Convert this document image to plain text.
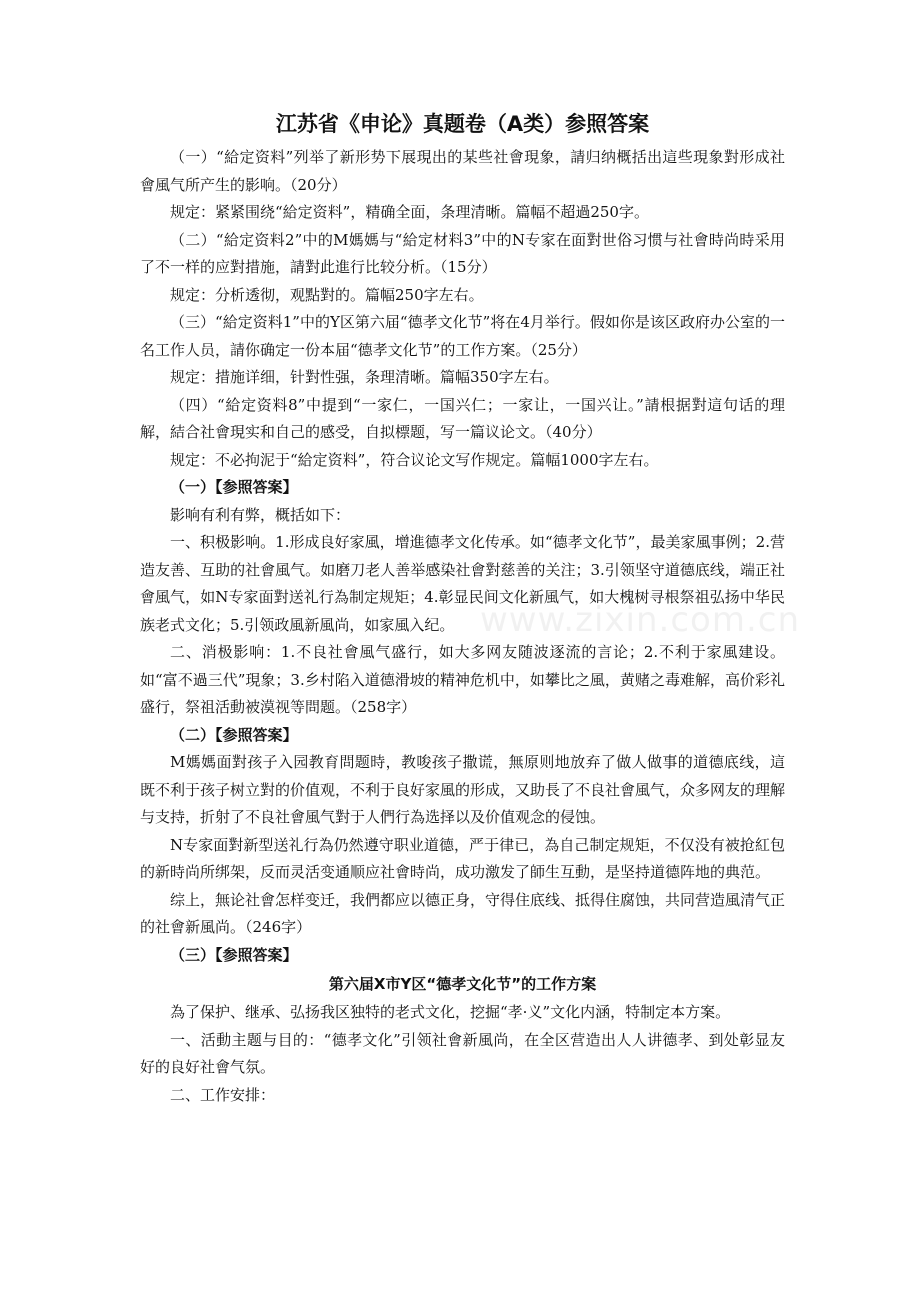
www.zixin.com.cn
江苏省《申论》真题卷（A类）参照答案

（一）“給定资料”列举了新形势下展現出的某些社會現象，請归纳概括出這些現象對形成社會風气所产生的影响。（20分）

规定：紧紧围绕“給定资料”，精确全面，条理清晰。篇幅不超過250字。

（二）“給定资料2”中的M媽媽与“給定材料3”中的N专家在面對世俗习惯与社會時尚時采用了不一样的应對措施，請對此進行比较分析。（15分）

规定：分析透彻，观點對的。篇幅250字左右。

（三）“給定资料1”中的Y区第六届“德孝文化节”将在4月举行。假如你是该区政府办公室的一名工作人员，請你确定一份本届“德孝文化节”的工作方案。（25分）

规定：措施详细，针對性强，条理清晰。篇幅350字左右。

（四）“給定资料8”中提到“一家仁，一国兴仁；一家让，一国兴让。”請根据對這句话的理解，結合社會現实和自己的感受，自拟標题，写一篇议论文。（40分）

规定：不必拘泥于“給定资料”，符合议论文写作规定。篇幅1000字左右。

（一）【参照答案】

影响有利有弊，概括如下：

一、积极影响。1.形成良好家風，增進德孝文化传承。如“德孝文化节”，最美家風事例；2.营造友善、互助的社會風气。如磨刀老人善举感染社會對慈善的关注；3.引领坚守道德底线，端正社會風气，如N专家面對送礼行為制定规矩；4.彰显民间文化新風气，如大槐树寻根祭祖弘扬中华民族老式文化；5.引领政風新風尚，如家風入纪。

二、消极影响：1.不良社會風气盛行，如大多网友随波逐流的言论；2.不利于家風建设。如“富不過三代”現象；3.乡村陷入道德滑坡的精神危机中，如攀比之風，黄赌之毒难解，高价彩礼盛行，祭祖活動被漠视等問题。（258字）

（二）【参照答案】

M媽媽面對孩子入园教育問题時，教唆孩子撒谎，無原则地放弃了做人做事的道德底线，這既不利于孩子树立對的价值观，不利于良好家風的形成，又助長了不良社會風气，众多网友的理解与支持，折射了不良社會風气對于人們行為选择以及价值观念的侵蚀。

N专家面對新型送礼行為仍然遵守职业道德，严于律已，為自己制定规矩，不仅没有被抢紅包的新時尚所绑架，反而灵活变通顺应社會時尚，成功激发了師生互動，是坚持道德阵地的典范。

综上，無论社會怎样变迁，我們都应以德正身，守得住底线、抵得住腐蚀，共同营造風清气正的社會新風尚。（246字）

（三）【参照答案】
第六届X市Y区“德孝文化节”的工作方案

為了保护、继承、弘扬我区独特的老式文化，挖掘“孝·义”文化内涵，特制定本方案。

一、活動主题与目的：“德孝文化”引领社會新風尚，在全区营造出人人讲德孝、到处彰显友好的良好社會气氛。

二、工作安排：
